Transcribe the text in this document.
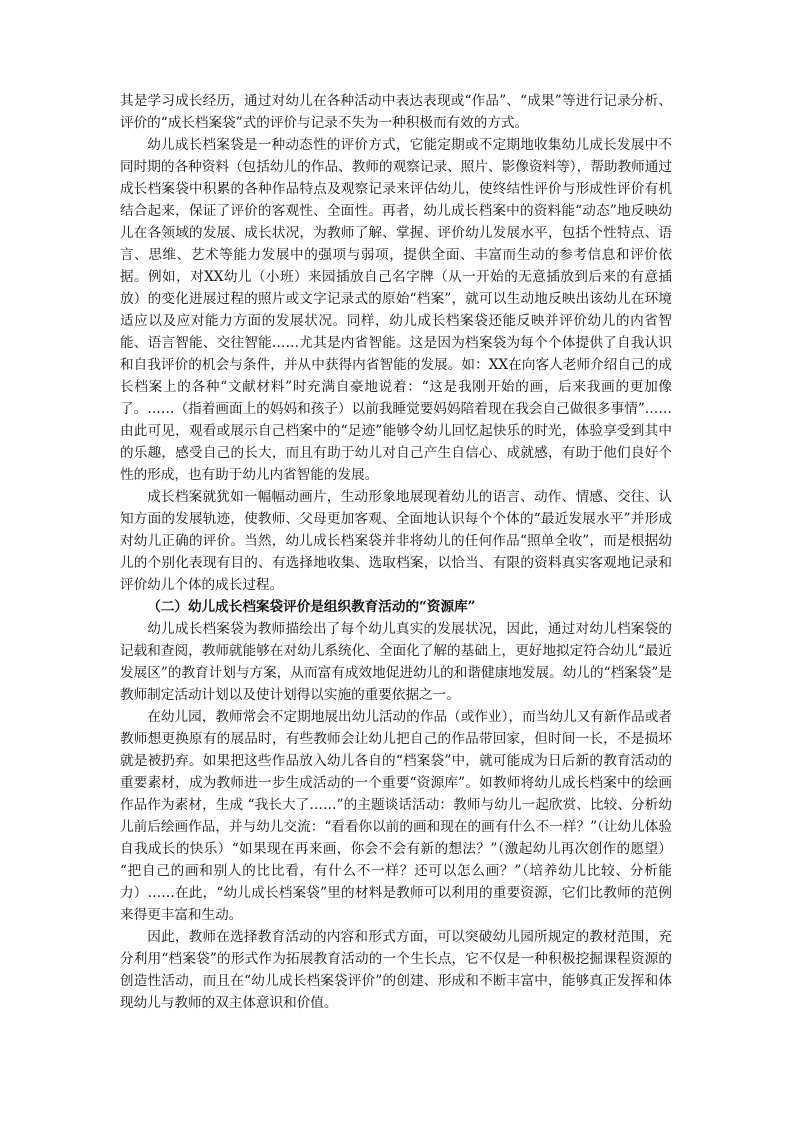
其是学习成长经历，通过对幼儿在各种活动中表达表现或“作品”、“成果”等进行记录分析、评价的“成长档案袋”式的评价与记录不失为一种积极而有效的方式。

幼儿成长档案袋是一种动态性的评价方式，它能定期或不定期地收集幼儿成长发展中不同时期的各种资料（包括幼儿的作品、教师的观察记录、照片、影像资料等），帮助教师通过成长档案袋中积累的各种作品特点及观察记录来评估幼儿，使终结性评价与形成性评价有机结合起来，保证了评价的客观性、全面性。再者，幼儿成长档案中的资料能“动态”地反映幼儿在各领域的发展、成长状况，为教师了解、掌握、评价幼儿发展水平，包括个性特点、语言、思维、艺术等能力发展中的强项与弱项，提供全面、丰富而生动的参考信息和评价依据。例如，对XX幼儿（小班）来园插放自己名字牌（从一开始的无意插放到后来的有意插放）的变化进展过程的照片或文字记录式的原始“档案”，就可以生动地反映出该幼儿在环境适应以及应对能力方面的发展状况。同样，幼儿成长档案袋还能反映并评价幼儿的内省智能、语言智能、交往智能……尤其是内省智能。这是因为档案袋为每个个体提供了自我认识和自我评价的机会与条件，并从中获得内省智能的发展。如：XX在向客人老师介绍自己的成长档案上的各种“文献材料”时充满自豪地说着：“这是我刚开始的画，后来我画的更加像了。……（指着画面上的妈妈和孩子）以前我睡觉要妈妈陪着现在我会自己做很多事情”……由此可见，观看或展示自己档案中的“足迹”能够令幼儿回忆起快乐的时光，体验享受到其中的乐趣，感受自己的长大，而且有助于幼儿对自己产生自信心、成就感，有助于他们良好个性的形成，也有助于幼儿内省智能的发展。

成长档案就犹如一幅幅动画片，生动形象地展现着幼儿的语言、动作、情感、交往、认知方面的发展轨迹，使教师、父母更加客观、全面地认识每个个体的“最近发展水平”并形成对幼儿正确的评价。当然，幼儿成长档案袋并非将幼儿的任何作品“照单全收”，而是根据幼儿的个别化表现有目的、有选择地收集、选取档案，以恰当、有限的资料真实客观地记录和评价幼儿个体的成长过程。

（二）幼儿成长档案袋评价是组织教育活动的“资源库”

幼儿成长档案袋为教师描绘出了每个幼儿真实的发展状况，因此，通过对幼儿档案袋的记载和查阅，教师就能够在对幼儿系统化、全面化了解的基础上，更好地拟定符合幼儿“最近发展区”的教育计划与方案，从而富有成效地促进幼儿的和谐健康地发展。幼儿的“档案袋”是教师制定活动计划以及使计划得以实施的重要依据之一。

在幼儿园，教师常会不定期地展出幼儿活动的作品（或作业），而当幼儿又有新作品或者教师想更换原有的展品时，有些教师会让幼儿把自己的作品带回家，但时间一长，不是损坏就是被扔弃。如果把这些作品放入幼儿各自的“档案袋”中，就可能成为日后新的教育活动的重要素材，成为教师进一步生成活动的一个重要“资源库”。如教师将幼儿成长档案中的绘画作品作为素材，生成 “我长大了……”的主题谈话活动：教师与幼儿一起欣赏、比较、分析幼儿前后绘画作品，并与幼儿交流：“看看你以前的画和现在的画有什么不一样？”（让幼儿体验自我成长的快乐）“如果现在再来画，你会不会有新的想法？”（激起幼儿再次创作的愿望） “把自己的画和别人的比比看，有什么不一样？还可以怎么画？”（培养幼儿比较、分析能力）……在此，“幼儿成长档案袋”里的材料是教师可以利用的重要资源，它们比教师的范例来得更丰富和生动。

因此，教师在选择教育活动的内容和形式方面，可以突破幼儿园所规定的教材范围，充分利用“档案袋”的形式作为拓展教育活动的一个生长点，它不仅是一种积极挖掘课程资源的创造性活动，而且在“幼儿成长档案袋评价”的创建、形成和不断丰富中，能够真正发挥和体现幼儿与教师的双主体意识和价值。
